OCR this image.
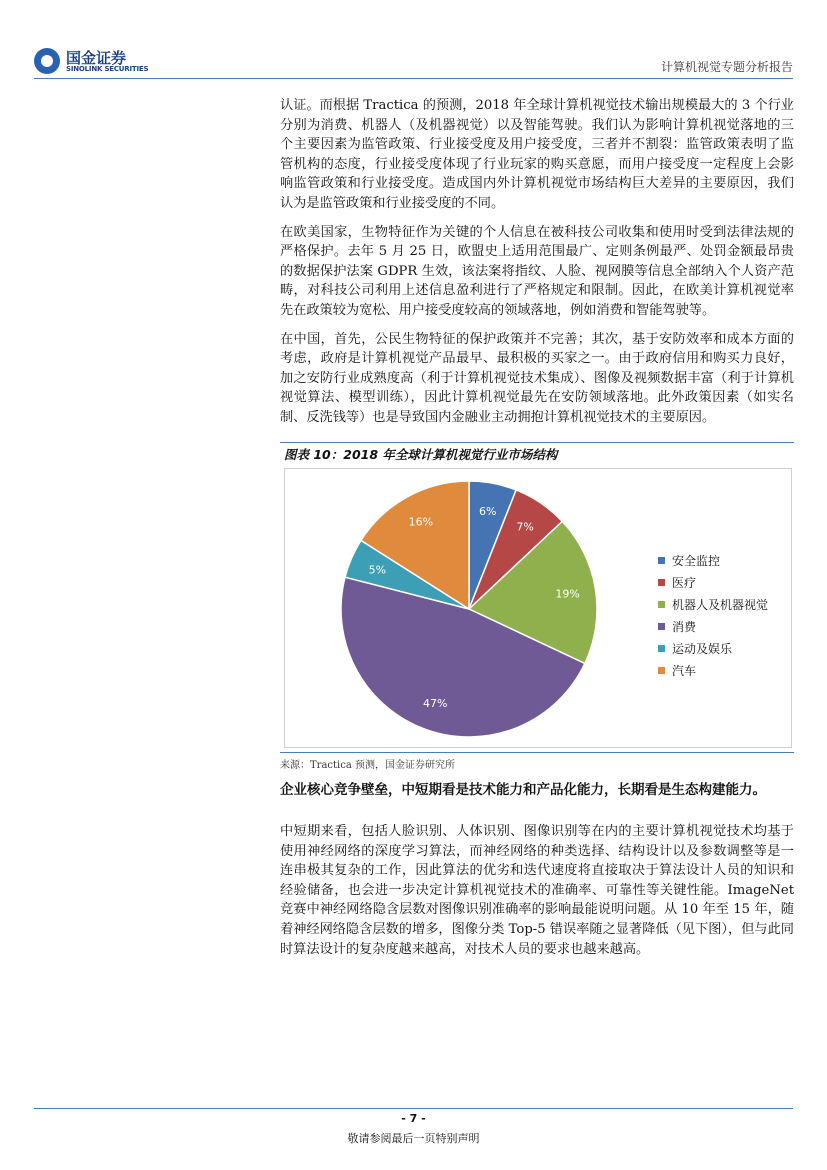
国金证券
SINOLINK SECURITIES	计算机视觉专题分析报告

认证。而根据 Tractica 的预测，2018 年全球计算机视觉技术输出规模最大的 3 个行业分别为消费、机器人（及机器视觉）以及智能驾驶。我们认为影响计算机视觉落地的三个主要因素为监管政策、行业接受度及用户接受度，三者并不割裂：监管政策表明了监管机构的态度，行业接受度体现了行业玩家的购买意愿，而用户接受度一定程度上会影响监管政策和行业接受度。造成国内外计算机视觉市场结构巨大差异的主要原因，我们认为是监管政策和行业接受度的不同。

在欧美国家，生物特征作为关键的个人信息在被科技公司收集和使用时受到法律法规的严格保护。去年 5 月 25 日，欧盟史上适用范围最广、定则条例最严、处罚金额最昂贵的数据保护法案 GDPR 生效，该法案将指纹、人脸、视网膜等信息全部纳入个人资产范畴，对科技公司利用上述信息盈利进行了严格规定和限制。因此，在欧美计算机视觉率先在政策较为宽松、用户接受度较高的领域落地，例如消费和智能驾驶等。

在中国，首先，公民生物特征的保护政策并不完善；其次，基于安防效率和成本方面的考虑，政府是计算机视觉产品最早、最积极的买家之一。由于政府信用和购买力良好，加之安防行业成熟度高（利于计算机视觉技术集成）、图像及视频数据丰富（利于计算机视觉算法、模型训练），因此计算机视觉最先在安防领域落地。此外政策因素（如实名制、反洗钱等）也是导致国内金融业主动拥抱计算机视觉技术的主要原因。

图表 10：2018 年全球计算机视觉行业市场结构
6%
7%
19%
47%
5%
16%
安全监控
医疗
机器人及机器视觉
消费
运动及娱乐
汽车
来源：Tractica 预测，国金证券研究所
企业核心竞争壁垒，中短期看是技术能力和产品化能力，长期看是生态构建能力。

中短期来看，包括人脸识别、人体识别、图像识别等在内的主要计算机视觉技术均基于使用神经网络的深度学习算法，而神经网络的种类选择、结构设计以及参数调整等是一连串极其复杂的工作，因此算法的优劣和迭代速度将直接取决于算法设计人员的知识和经验储备，也会进一步决定计算机视觉技术的准确率、可靠性等关键性能。ImageNet 竞赛中神经网络隐含层数对图像识别准确率的影响最能说明问题。从 10 年至 15 年，随着神经网络隐含层数的增多，图像分类 Top-5 错误率随之显著降低（见下图），但与此同时算法设计的复杂度越来越高，对技术人员的要求也越来越高。

- 7 -
敬请参阅最后一页特别声明
